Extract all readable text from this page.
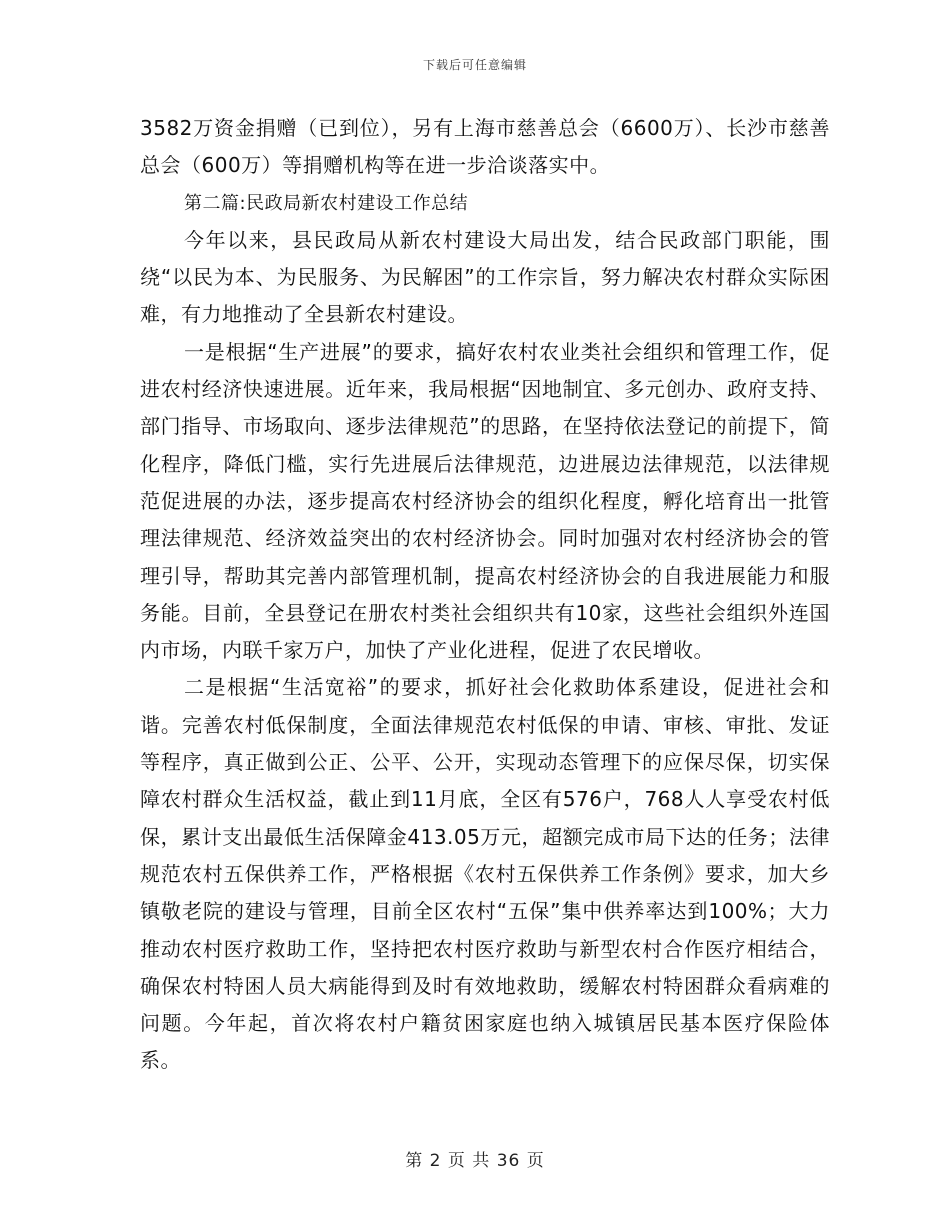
下载后可任意编辑

3582万资金捐赠（已到位），另有上海市慈善总会（6600万）、长沙市慈善总会（600万）等捐赠机构等在进一步洽谈落实中。

第二篇:民政局新农村建设工作总结

今年以来，县民政局从新农村建设大局出发，结合民政部门职能，围绕“以民为本、为民服务、为民解困”的工作宗旨，努力解决农村群众实际困难，有力地推动了全县新农村建设。

一是根据“生产进展”的要求，搞好农村农业类社会组织和管理工作，促进农村经济快速进展。近年来，我局根据“因地制宜、多元创办、政府支持、部门指导、市场取向、逐步法律规范”的思路，在坚持依法登记的前提下，简化程序，降低门槛，实行先进展后法律规范，边进展边法律规范，以法律规范促进展的办法，逐步提高农村经济协会的组织化程度，孵化培育出一批管理法律规范、经济效益突出的农村经济协会。同时加强对农村经济协会的管理引导，帮助其完善内部管理机制，提高农村经济协会的自我进展能力和服务能。目前，全县登记在册农村类社会组织共有10家，这些社会组织外连国内市场，内联千家万户，加快了产业化进程，促进了农民增收。

二是根据“生活宽裕”的要求，抓好社会化救助体系建设，促进社会和谐。完善农村低保制度，全面法律规范农村低保的申请、审核、审批、发证等程序，真正做到公正、公平、公开，实现动态管理下的应保尽保，切实保障农村群众生活权益，截止到11月底，全区有576户，768人人享受农村低保，累计支出最低生活保障金413.05万元，超额完成市局下达的任务；法律规范农村五保供养工作，严格根据《农村五保供养工作条例》要求，加大乡镇敬老院的建设与管理，目前全区农村“五保”集中供养率达到100%；大力推动农村医疗救助工作，坚持把农村医疗救助与新型农村合作医疗相结合，确保农村特困人员大病能得到及时有效地救助，缓解农村特困群众看病难的问题。今年起，首次将农村户籍贫困家庭也纳入城镇居民基本医疗保险体系。

第 2 页 共 36 页
